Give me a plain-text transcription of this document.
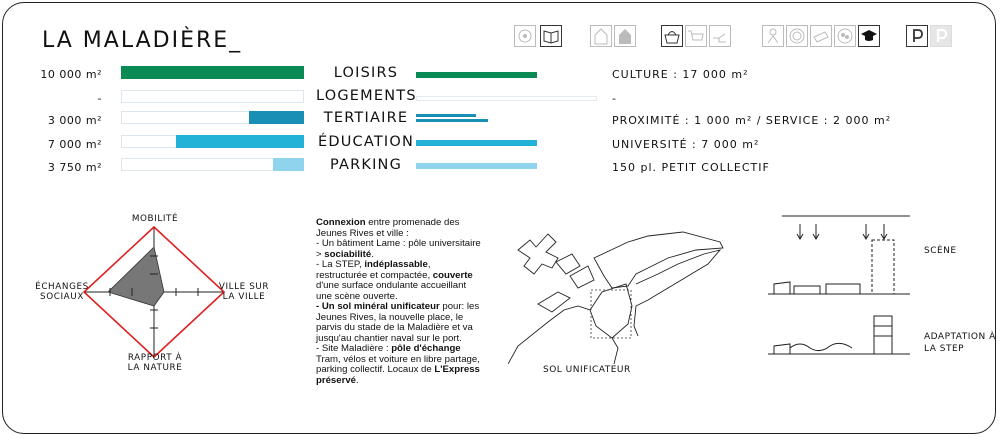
LA MALADIÈRE_
10 000 m²	LOISIRS	CULTURE : 17 000 m²
-	LOGEMENTS	-
3 000 m²	TERTIAIRE	PROXIMITÉ : 1 000 m² / SERVICE : 2 000 m²
7 000 m²	ÉDUCATION	UNIVERSITÉ : 7 000 m²
3 750 m²	PARKING	150 pl. PETIT COLLECTIF
MOBILITÉ
VILLE SUR
LA VILLE
RAPPORT À
LA NATURE
ÉCHANGES
SOCIAUX
Connexion entre promenade des Jeunes Rives et ville :
- Un bâtiment Lame : pôle universitaire > sociabilité.
- La STEP, indéplassable, restructurée et compactée, couverte d'une surface ondulante accueillant une scène ouverte.
- Un sol minéral unificateur pour: les Jeunes Rives, la nouvelle place, le parvis du stade de la Maladière et va jusqu'au chantier naval sur le port.
- Site Maladière : pôle d'échange Tram, vélos et voiture en libre partage, parking collectif. Locaux de L'Express préservé.
SOL UNIFICATEUR
SCÈNE
ADAPTATION À
LA STEP
